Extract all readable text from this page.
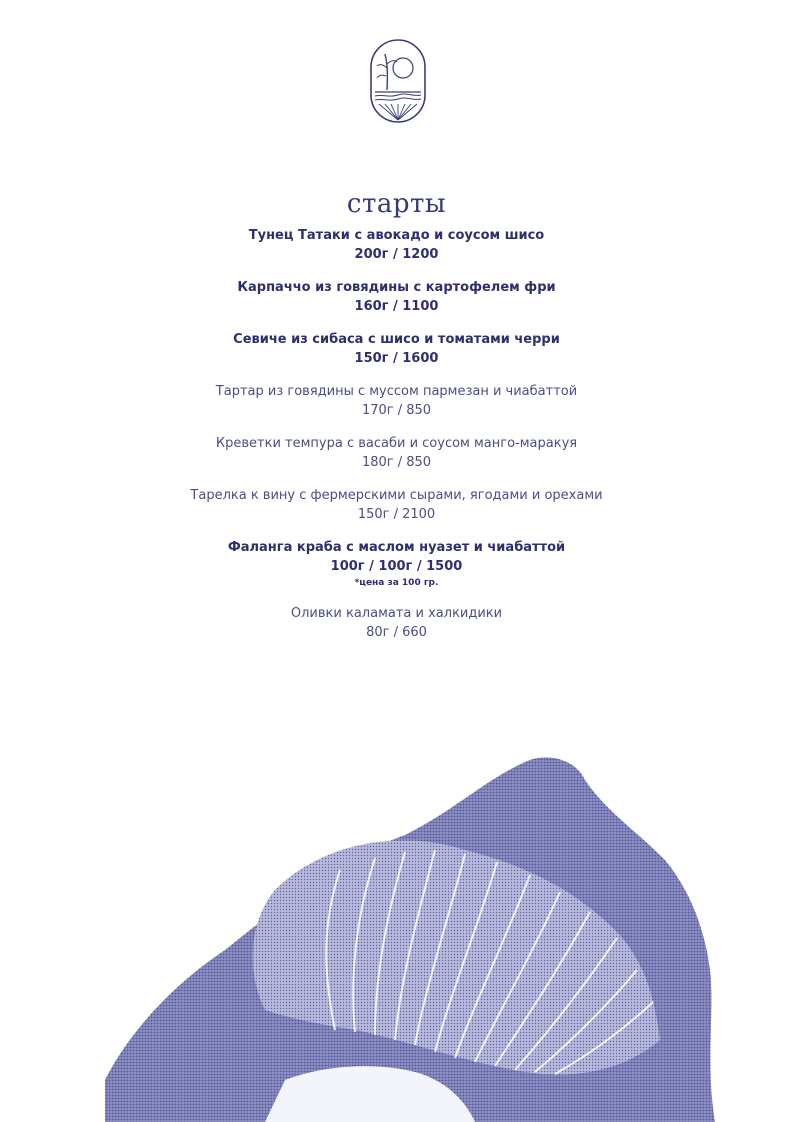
старты
Тунец Татаки с авокадо и соусом шисо
200г / 1200
Карпаччо из говядины с картофелем фри
160г / 1100
Севиче из сибаса с шисо и томатами черри
150г / 1600
Тартар из говядины с муссом пармезан и чиабаттой
170г / 850
Креветки темпура с васаби и соусом манго-маракуя
180г / 850
Тарелка к вину с фермерскими сырами, ягодами и орехами
150г / 2100
Фаланга краба с маслом нуазет и чиабаттой
100г / 100г / 1500
*цена за 100 гр.
Оливки каламата и халкидики
80г / 660
